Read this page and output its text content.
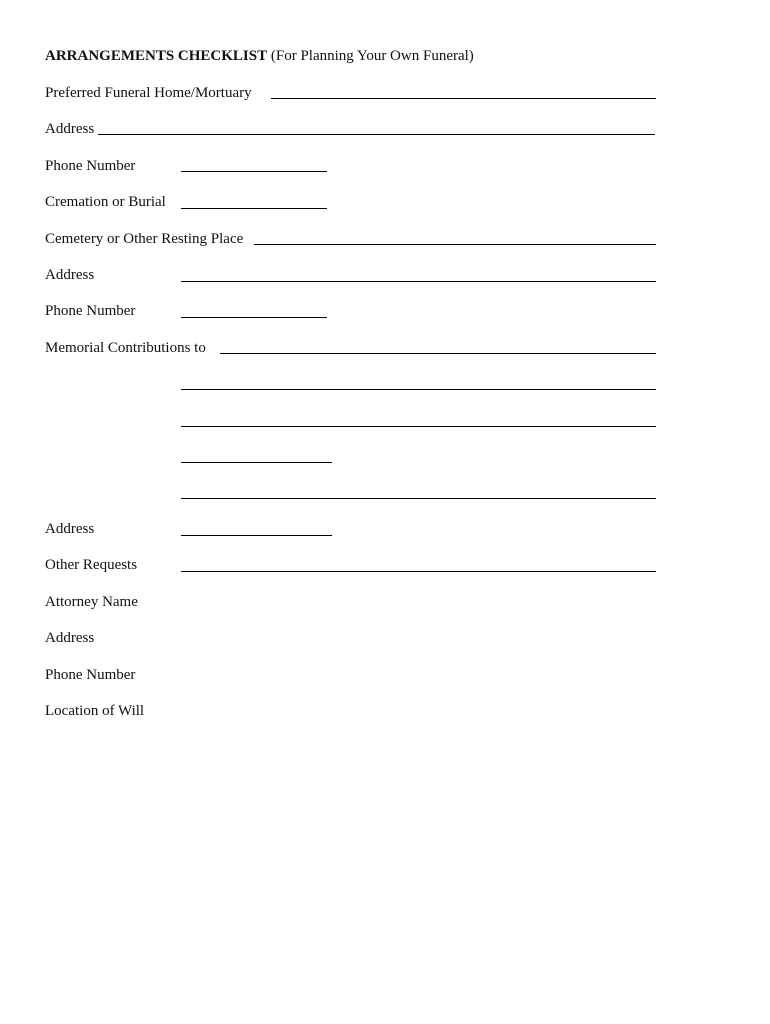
ARRANGEMENTS CHECKLIST (For Planning Your Own Funeral)
Preferred Funeral Home/Mortuary
Address
Phone Number
Cremation or Burial
Cemetery or Other Resting Place
Address
Phone Number
Memorial Contributions to
Address
Other Requests
Attorney Name
Address
Phone Number
Location of Will
